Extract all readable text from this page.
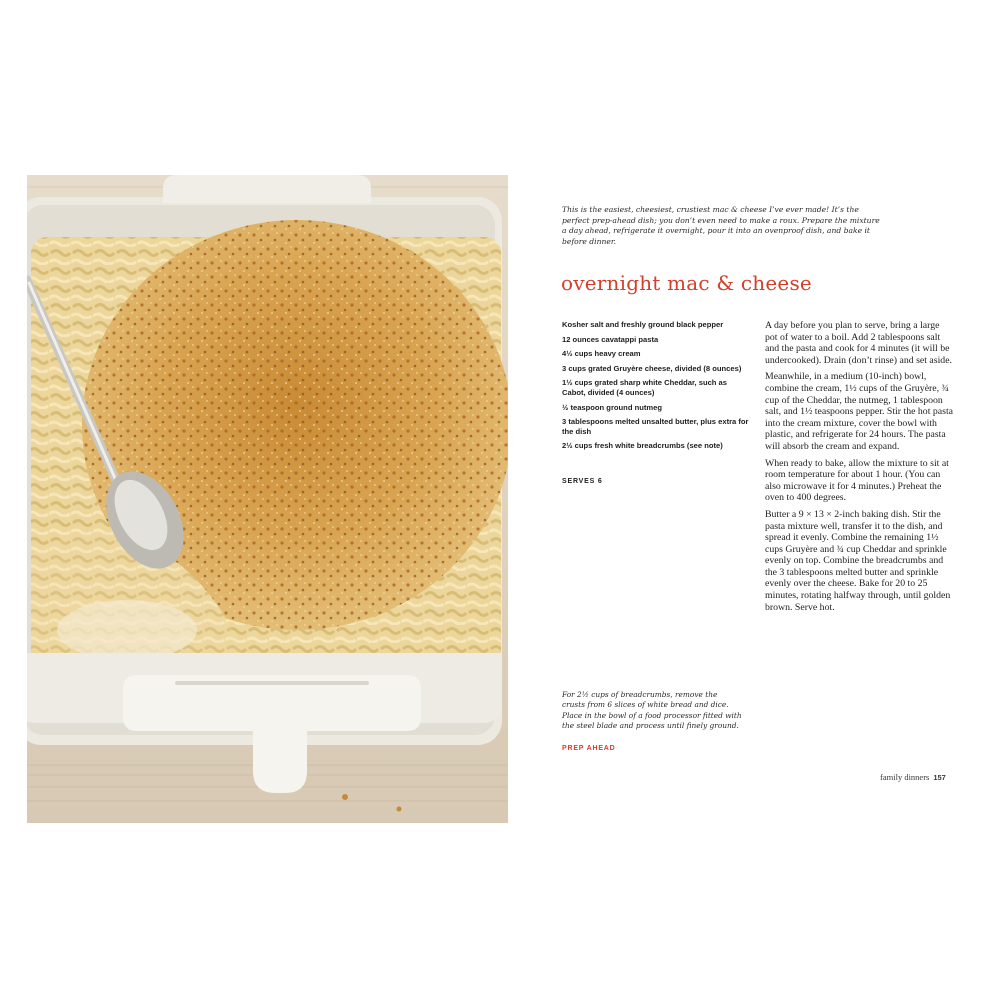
This is the easiest, cheesiest, crustiest mac & cheese I’ve ever made! It’s the perfect prep-ahead dish; you don’t even need to make a roux. Prepare the mixture a day ahead, refrigerate it overnight, pour it into an ovenproof dish, and bake it before dinner.
overnight mac & cheese
Kosher salt and freshly ground black pepper
12 ounces cavatappi pasta
4½ cups heavy cream
3 cups grated Gruyère cheese, divided (8 ounces)
1½ cups grated sharp white Cheddar, such as Cabot, divided (4 ounces)
½ teaspoon ground nutmeg
3 tablespoons melted unsalted butter, plus extra for the dish
2½ cups fresh white breadcrumbs (see note)
SERVES 6

A day before you plan to serve, bring a large pot of water to a boil. Add 2 tablespoons salt and the pasta and cook for 4 minutes (it will be undercooked). Drain (don’t rinse) and set aside.

Meanwhile, in a medium (10-inch) bowl, combine the cream, 1½ cups of the Gruyère, ¾ cup of the Cheddar, the nutmeg, 1 tablespoon salt, and 1½ teaspoons pepper. Stir the hot pasta into the cream mixture, cover the bowl with plastic, and refrigerate for 24 hours. The pasta will absorb the cream and expand.

When ready to bake, allow the mixture to sit at room temperature for about 1 hour. (You can also microwave it for 4 minutes.) Preheat the oven to 400 degrees.

Butter a 9 × 13 × 2-inch baking dish. Stir the pasta mixture well, transfer it to the dish, and spread it evenly. Combine the remaining 1½ cups Gruyère and ¾ cup Cheddar and sprinkle evenly on top. Combine the breadcrumbs and the 3 tablespoons melted butter and sprinkle evenly over the cheese. Bake for 20 to 25 minutes, rotating halfway through, until golden brown. Serve hot.

For 2½ cups of breadcrumbs, remove the crusts from 6 slices of white bread and dice. Place in the bowl of a food processor fitted with the steel blade and process until finely ground.
PREP AHEAD
family dinners 157
